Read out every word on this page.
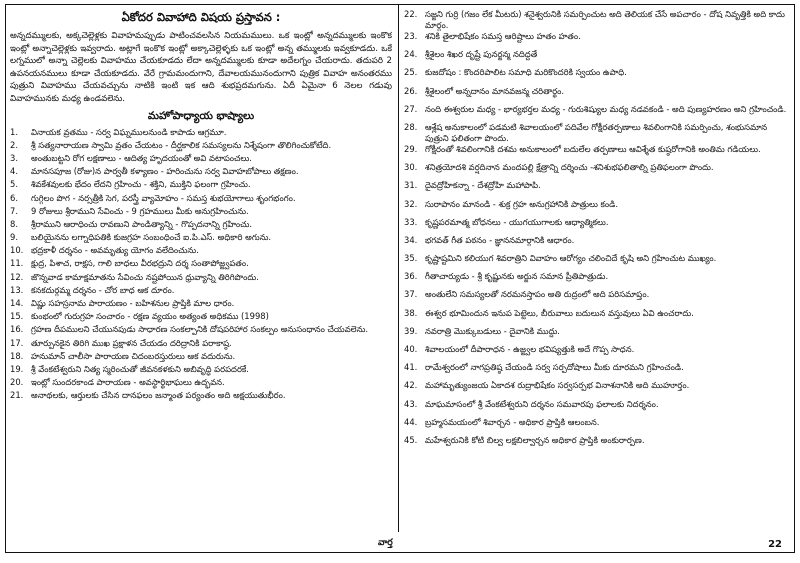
ఏకోదర వివాహాది విషయ ప్రస్తావన :
అన్నదమ్ములకు, అక్కచెల్లెళ్లకు వివాహమప్పుడు పాటించవలసిన నియమములు. ఒక ఇంట్లో అన్నదమ్ములకు ఇంకొక ఇంట్లో అన్నాచెల్లెళ్లకు ఇవ్వరాదు. అట్లాగే ఇంకొక ఇంట్లో అక్కాచెల్లెళ్ళకు ఒక ఇంట్లో అన్న తమ్ములకు ఇవ్వకూడదు. ఒకే లగ్నములో అన్నా చెల్లెలకు వివాహము చేయకూడదు లేదా అన్నదమ్ములకు కూడా అదేలగ్నం చేయరాదు. తదుపరి 2 ఉపనయనములు కూడా చేయకూడదు. వేరే గ్రామమందుగాని, దేవాలయమునందుగాని పుత్రిక వివాహ అనంతరము పుత్రుని వివాహము చేయవచ్చును నాటికి ఇంటి ఇక ఆది శుభప్రదమగును. ఏదీ ఏమైనా 6 నెలల గడువు వివాహమునకు మధ్య ఉండవలెను.
మహోపాధ్యాయ భాష్యాలు
1.	వినాయక వ్రతము - సర్వ విఘ్నములనుండి కాపాడు ఆగ్రమూ.
2.	శ్రీ సత్యనారాయణ స్వామి వ్రతం చేయటం - దీర్ఘకాలిక సమస్యలను నిశ్శేషంగా తొలిగించుకోటేది.
3.	అంతుబట్టని రోగ లక్షణాలు - ఆదిత్య హృదయంతో అవి వటాపంచలు.
4.	మానసపూజ (రోజు)న పార్వతీ కళ్యాణం - హరించును సర్వ వివాహబోపాలు తక్షణం.
5.	శివకేశవులకు భేదం లేదని గ్రహించు - శక్తిని, ముక్తిని ఫలంగా గ్రహించు.
6.	గుగ్గిలం పొగ - నర్సత్రీకి సెగ, పరస్త్రీ వ్యామోహం - సమస్త శుభయోగాలు శృంగభంగం.
7.	9 రోజులు శ్రీరాముని సేవించు - 9 గ్రహములు మీకు అనుగ్రహించును.
8.	శ్రీరాముని ఆరాధించు రావణుని పాండిత్యాన్ని - గొప్పదనాన్ని గ్రహించు.
9.	బలియైనను లగ్నాధిపతికి కుజగ్రహ సంబంధించే ఐ.పి.ఎస్. అధికారి అగును.
10. భద్రకాళీ దర్శనం - అవమృత్యు యోగం వలేదించును.
11. క్షుద్ర, పిశాచ, రాక్షస, గాలి బాధలు వీరభద్రుని దర్శ సంతాపోజ్జ్వపతం.
12. జొన్నవాడ కామాక్షమాతను సేవించు నష్టపోయిన ధ్రువ్యాన్ని తిరిగిపొందు.
13. కనకదుర్గమ్మ దర్శనం - చోర బాధ ఆక దూరం.
14. విష్ణు సహస్రనామ పారాయణం - బహిశనుల ప్రాప్తికి మాల ధారం.
15. కుంభంలో గురుగ్రహ సంచారం - రక్షణ వ్యయం అత్యంత అధికము (1998)
16. గ్రహణ దీపములని చేయునపుడు సాధారణ సంకల్పానికి దోషపరిహార సంకల్పం అనుసంధానం చేయవలెను.
17. తూర్పునకైన తిరిగి ముఖ ప్రక్షాళన చేయడం దరిద్రానికి పరాకాష్ఠ.
18. హనుమాన్ చాలీసా పారాయణ చిదంబరస్తురులు ఆక వదురును.
19. శ్రీ వేంకటేశ్వరుని నిత్య స్మరించుతో జీవనకళకుని అబివృద్ధి పరపదరకే.
20. ఇంట్లో సుందరకాండ పారాయణ - అవస్థార్థిభాఘలు ఉద్భవన.
21. అనాథలకు, ఆర్తులకు చేసిన దానఫలం జన్మాంత పర్యంతం అది అక్షయుతుభీరం.
22. సజ్జని గుర్రి (గజం లేక మీటరు) శనైశ్వరునికి సమర్పించుట అది తెలియక చేసే అపచారం - దోష నివృత్తికి అది కాదు మార్గం.
23. శనికి తైలాభిషేకం సమస్త ఆరిష్టాలు హతం హతం.
24. శ్రీశైలం శిఖర దృష్టే పునర్జన్మ నదిద్దతే
25. కుజదోషం : కొందరిపాలిట సమాధి మరికొందరికి స్వయం ఉపాధి.
26. శ్రీశైలంలో అన్నదానం మానవజన్మ చరితార్థం.
27. నంది ఈశ్వరుల మధ్య - భార్యభర్తల మధ్య - గురుశిష్యుల మధ్య నడవకండి - అది పుణ్యహరణం అని గ్రహించండి.
28. ఆశ్లేష అనుకాలంలో పడమటి శివాలయంలో పదివేల గోక్షీరతర్పణాలు శివలింగానికి సమర్పించు, శంభుసమాన పుత్రుని ఫలితంగా పొందు.
29. గోక్షీరంతో శివలింగానికి దశమ అనుకాలంలో బదులేల తర్పణాలు ఆవిశ్శేత కుష్ఠరోగానికి అంతిమ గడియలు.
30. శనిత్రయోదశి వర్షదినాన మందపల్లి క్షేత్రాన్ని దర్శించు -శనిశుభఫలితాల్ని ప్రతిఫలంగా పొందు.
31. దైవద్రోహికన్నా - దేశద్రోహి మహాపాపి.
32. సురాపానం మానండి - శుక్ర గ్రహ అనుగ్రహానికి పాత్రులు కండి.
33. కృష్ణపరమాత్మ బోధనలు - యుగయుగాలకు ఆధ్యాత్మికలు.
34. భగవత్ గీత పఠనం - జ్ఞాననమార్గానికి ఆధారం.
35. కృష్ణాష్టమిని కలియుగ శివరాత్రిని వివాహం ఆరోగ్యం చలించిదే కృషి అని గ్రహించుట ముఖ్యం.
36. గీతాచార్యుడు - శ్రీ కృష్ణునకు అర్జున సమాన ప్రీతిపాత్రుడు.
37. అంతులేని సమస్యలతో నరమనస్తాపం అతి రుద్రంలో అది పరిసమాప్తం.
38. ఈశ్వర భూమిందున ఇనుప పెట్టెలు, బీరువాలు బదులున వస్తువులు ఏవి ఉంచరాదు.
39. నవరాత్రి మొక్కుబడులు - దైవానికి ముద్దు.
40. శివాలయంలో దీపారాధన - ఉజ్జ్వల భవిష్యత్తుకి అదే గొప్ప సాధన.
41. రామేశ్వరంలో నాగప్రతిష్ఠ చేయండి సర్వ సర్పదోషాలు మీకు దూరమని గ్రహించండి.
42. మహామృత్యుంజయ ఏకాదశ రుద్రాభిషేకం సర్వసర్పభ వినాశనానికి అది ముహూర్తం.
43. మాఘమాసంలో శ్రీ వేంకటేశ్వరుని దర్శనం సమవారపు ఫలాలకు నిదర్శనం.
44. బ్రహ్మసమయంలో శివార్చన - అధికార ప్రాప్తికి ఆలంబన.
45. మహేశ్వరునికి కోటి బిల్వ లక్షబిల్వార్చన అధికార ప్రాప్తికి అంకురార్పణ.
వార్త	22
